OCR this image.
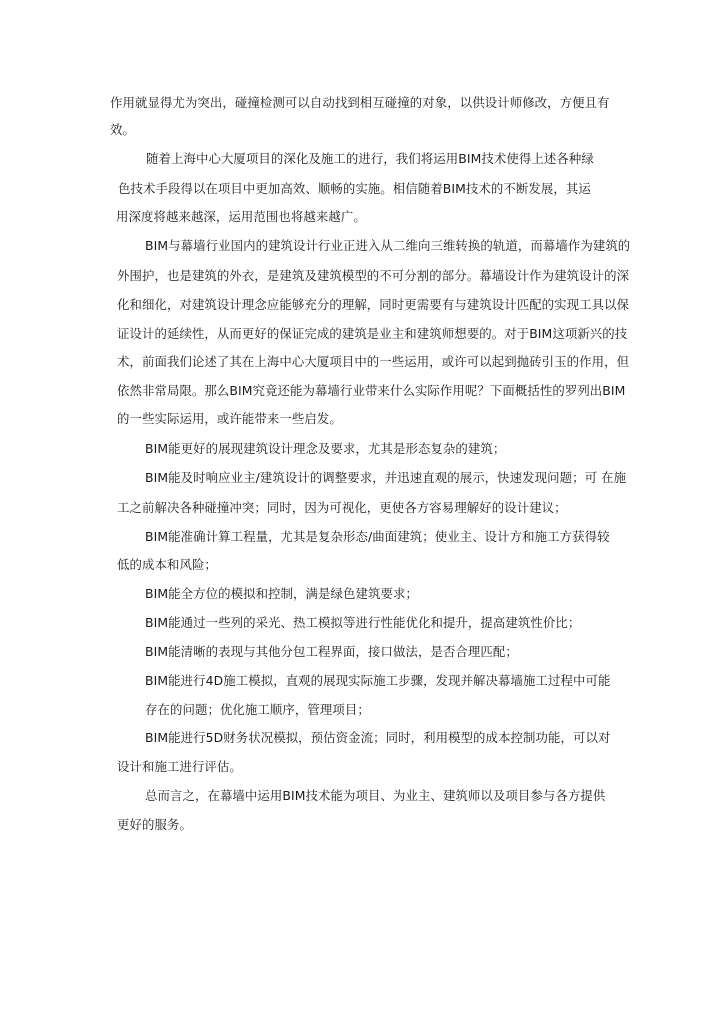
作用就显得尤为突出，碰撞检测可以自动找到相互碰撞的对象，以供设计师修改，方便且有
效。
随着上海中心大厦项目的深化及施工的进行，我们将运用BIM技术使得上述各种绿
色技术手段得以在项目中更加高效、顺畅的实施。相信随着BIM技术的不断发展，其运
用深度将越来越深，运用范围也将越来越广。
BIM与幕墙行业国内的建筑设计行业正进入从二维向三维转换的轨道，而幕墙作为建筑的
外围护，也是建筑的外衣，是建筑及建筑模型的不可分割的部分。幕墙设计作为建筑设计的深
化和细化，对建筑设计理念应能够充分的理解，同时更需要有与建筑设计匹配的实现工具以保
证设计的延续性，从而更好的保证完成的建筑是业主和建筑师想要的。对于BIM这项新兴的技
术，前面我们论述了其在上海中心大厦项目中的一些运用，或许可以起到抛砖引玉的作用，但
依然非常局限。那么BIM究竟还能为幕墙行业带来什么实际作用呢？下面概括性的罗列出BIM
的一些实际运用，或许能带来一些启发。
BIM能更好的展现建筑设计理念及要求，尤其是形态复杂的建筑；
BIM能及时响应业主/建筑设计的调整要求，并迅速直观的展示，快速发现问题；可 在施
工之前解决各种碰撞冲突；同时，因为可视化，更使各方容易理解好的设计建议；
BIM能准确计算工程量，尤其是复杂形态/曲面建筑；使业主、设计方和施工方获得较
低的成本和风险；
BIM能全方位的模拟和控制，满是绿色建筑要求；
BIM能通过一些列的采光、热工模拟等进行性能优化和提升，提高建筑性价比；
BIM能清晰的表现与其他分包工程界面，接口做法，是否合理匹配；
BIM能进行4D施工模拟，直观的展现实际施工步骤，发现并解决幕墙施工过程中可能
存在的问题；优化施工顺序，管理项目；
BIM能进行5D财务状况模拟，预估资金流；同时，利用模型的成本控制功能，可以对
设计和施工进行评估。
总而言之，在幕墙中运用BIM技术能为项目、为业主、建筑师以及项目参与各方提供
更好的服务。
